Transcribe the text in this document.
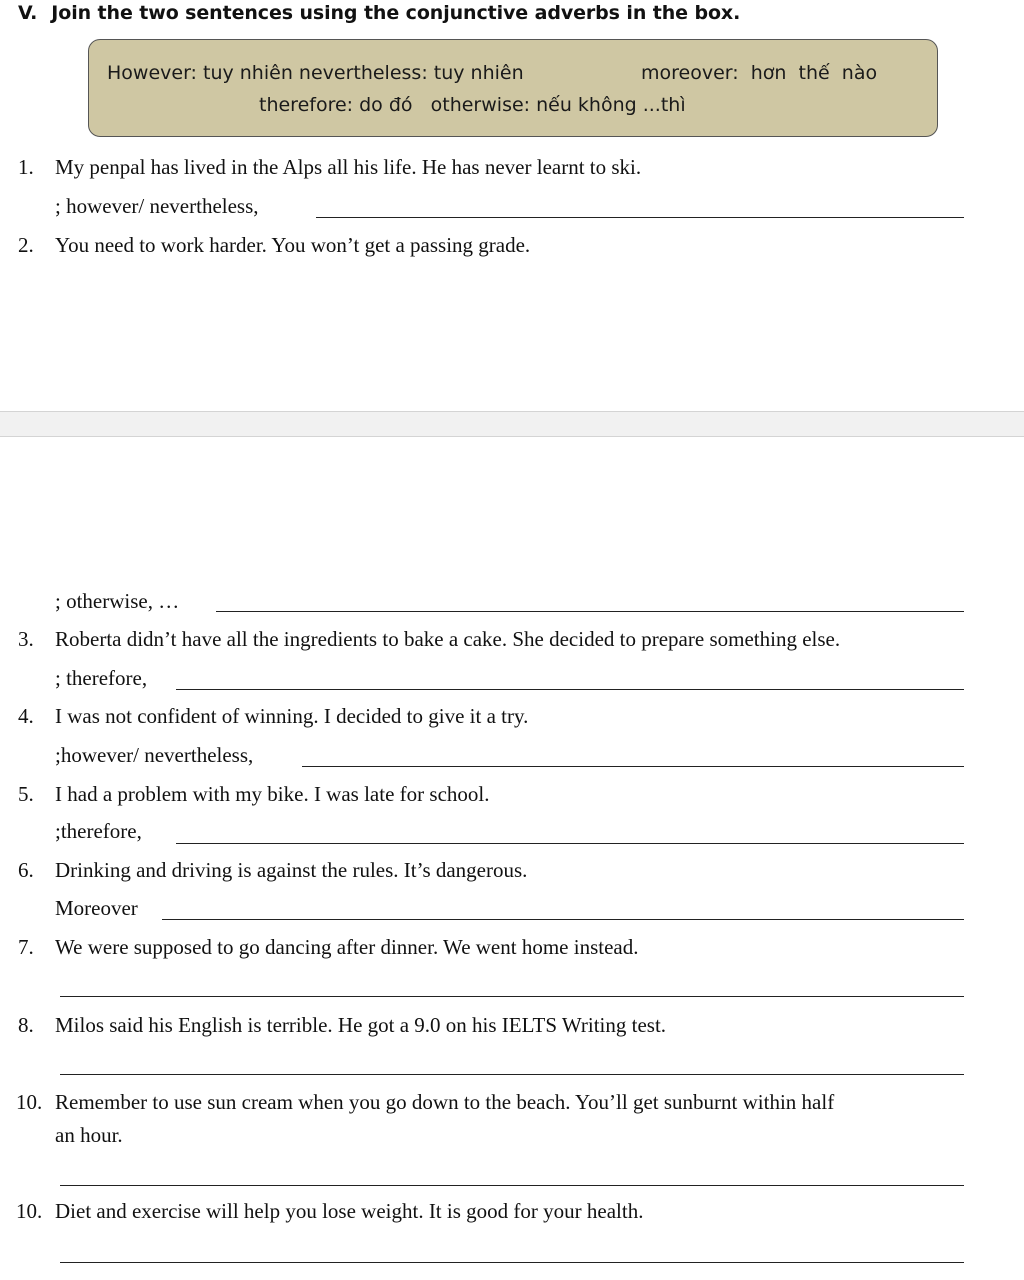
V. Join the two sentences using the conjunctive adverbs in the box.
However: tuy nhiên nevertheless: tuy nhiên	moreover:  hơn  thế  nào
therefore: do đó   otherwise: nếu không ...thì
1. My penpal has lived in the Alps all his life. He has never learnt to ski.
; however/ nevertheless,
2. You need to work harder. You won’t get a passing grade.
; otherwise, …
3. Roberta didn’t have all the ingredients to bake a cake. She decided to prepare something else.
; therefore,
4. I was not confident of winning. I decided to give it a try.
;however/ nevertheless,
5. I had a problem with my bike. I was late for school.
;therefore,
6. Drinking and driving is against the rules. It’s dangerous.
Moreover
7. We were supposed to go dancing after dinner. We went home instead.
8. Milos said his English is terrible. He got a 9.0 on his IELTS Writing test.
10. Remember to use sun cream when you go down to the beach. You’ll get sunburnt within half
an hour.
10. Diet and exercise will help you lose weight. It is good for your health.
